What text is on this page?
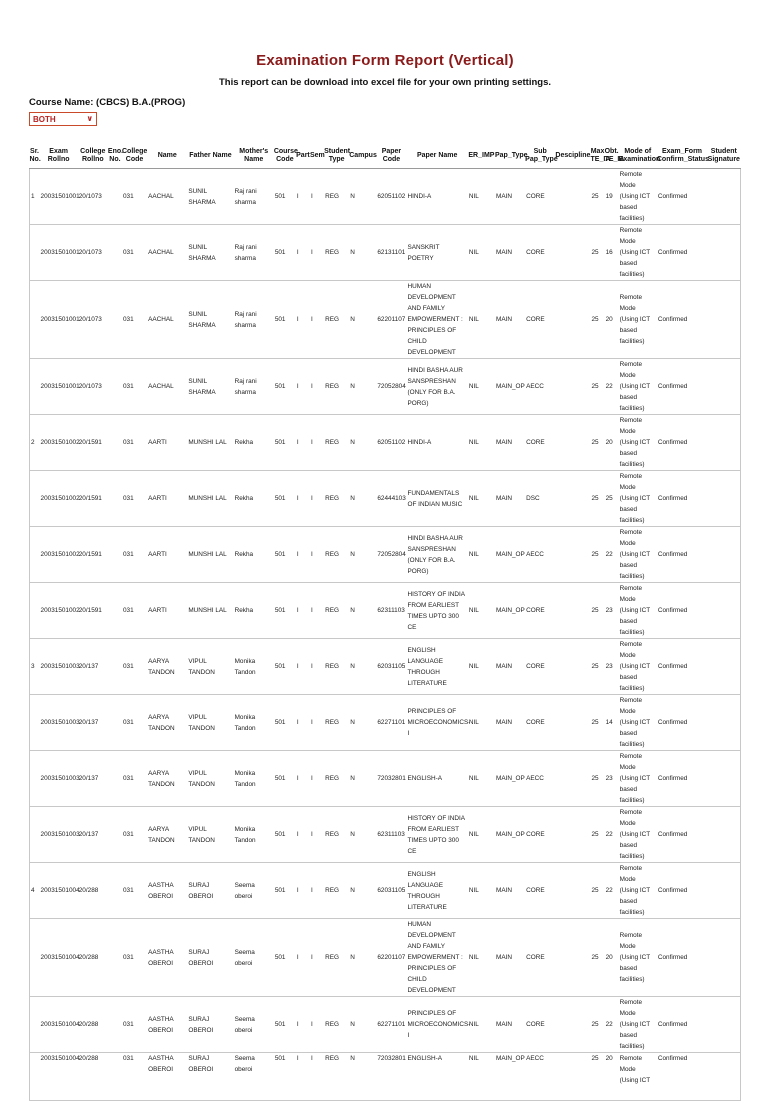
Examination Form Report (Vertical)
This report can be download into excel file for your own printing settings.
Course Name: (CBCS) B.A.(PROG)
BOTH	∨
Sr. No.	Exam Rollno	College Rollno	Eno. No.	College Code	Name	Father Name	Mother's Name	Course Code	Part	Sem	Student Type	Campus	Paper Code	Paper Name	ER_IMP	Pap_Type	Sub Pap_Type	Descipline	Max TE_IA	Obt. TE_IA	Mode of Examination	Exam_Form Confirm_Status	Student Signature
1	20031501001	20/1073		031	AACHAL	SUNIL SHARMA	Raj rani sharma	501	I	I	REG	N	62051102	HINDI-A	NIL	MAIN	CORE		25	19	Remote Mode (Using ICT based facilities)	Confirmed	
	20031501001	20/1073		031	AACHAL	SUNIL SHARMA	Raj rani sharma	501	I	I	REG	N	62131101	SANSKRIT POETRY	NIL	MAIN	CORE		25	16	Remote Mode (Using ICT based facilities)	Confirmed	
	20031501001	20/1073		031	AACHAL	SUNIL SHARMA	Raj rani sharma	501	I	I	REG	N	62201107	HUMAN DEVELOPMENT AND FAMILY EMPOWERMENT : PRINCIPLES OF CHILD DEVELOPMENT	NIL	MAIN	CORE		25	20	Remote Mode (Using ICT based facilities)	Confirmed	
	20031501001	20/1073		031	AACHAL	SUNIL SHARMA	Raj rani sharma	501	I	I	REG	N	72052804	HINDI BASHA AUR SANSPRESHAN (ONLY FOR B.A. PORG)	NIL	MAIN_OP	AECC		25	22	Remote Mode (Using ICT based facilities)	Confirmed	
2	20031501002	20/1591		031	AARTI	MUNSHI LAL	Rekha	501	I	I	REG	N	62051102	HINDI-A	NIL	MAIN	CORE		25	20	Remote Mode (Using ICT based facilities)	Confirmed	
	20031501002	20/1591		031	AARTI	MUNSHI LAL	Rekha	501	I	I	REG	N	62444103	FUNDAMENTALS OF INDIAN MUSIC	NIL	MAIN	DSC		25	25	Remote Mode (Using ICT based facilities)	Confirmed	
	20031501002	20/1591		031	AARTI	MUNSHI LAL	Rekha	501	I	I	REG	N	72052804	HINDI BASHA AUR SANSPRESHAN (ONLY FOR B.A. PORG)	NIL	MAIN_OP	AECC		25	22	Remote Mode (Using ICT based facilities)	Confirmed	
	20031501002	20/1591		031	AARTI	MUNSHI LAL	Rekha	501	I	I	REG	N	62311103	HISTORY OF INDIA FROM EARLIEST TIMES UPTO 300 CE	NIL	MAIN_OP	CORE		25	23	Remote Mode (Using ICT based facilities)	Confirmed	
3	20031501003	20/137		031	AARYA TANDON	VIPUL TANDON	Monika Tandon	501	I	I	REG	N	62031105	ENGLISH LANGUAGE THROUGH LITERATURE	NIL	MAIN	CORE		25	23	Remote Mode (Using ICT based facilities)	Confirmed	
	20031501003	20/137		031	AARYA TANDON	VIPUL TANDON	Monika Tandon	501	I	I	REG	N	62271101	PRINCIPLES OF MICROECONOMICS-I	NIL	MAIN	CORE		25	14	Remote Mode (Using ICT based facilities)	Confirmed	
	20031501003	20/137		031	AARYA TANDON	VIPUL TANDON	Monika Tandon	501	I	I	REG	N	72032801	ENGLISH-A	NIL	MAIN_OP	AECC		25	23	Remote Mode (Using ICT based facilities)	Confirmed	
	20031501003	20/137		031	AARYA TANDON	VIPUL TANDON	Monika Tandon	501	I	I	REG	N	62311103	HISTORY OF INDIA FROM EARLIEST TIMES UPTO 300 CE	NIL	MAIN_OP	CORE		25	22	Remote Mode (Using ICT based facilities)	Confirmed	
4	20031501004	20/288		031	AASTHA OBEROI	SURAJ OBEROI	Seema oberoi	501	I	I	REG	N	62031105	ENGLISH LANGUAGE THROUGH LITERATURE	NIL	MAIN	CORE		25	22	Remote Mode (Using ICT based facilities)	Confirmed	
	20031501004	20/288		031	AASTHA OBEROI	SURAJ OBEROI	Seema oberoi	501	I	I	REG	N	62201107	HUMAN DEVELOPMENT AND FAMILY EMPOWERMENT : PRINCIPLES OF CHILD DEVELOPMENT	NIL	MAIN	CORE		25	20	Remote Mode (Using ICT based facilities)	Confirmed	
	20031501004	20/288		031	AASTHA OBEROI	SURAJ OBEROI	Seema oberoi	501	I	I	REG	N	62271101	PRINCIPLES OF MICROECONOMICS-I	NIL	MAIN	CORE		25	22	Remote Mode (Using ICT based facilities)	Confirmed	
	20031501004	20/288		031	AASTHA OBEROI	SURAJ OBEROI	Seema oberoi	501	I	I	REG	N	72032801	ENGLISH-A	NIL	MAIN_OP	AECC		25	20	Remote Mode (Using ICT	Confirmed	
